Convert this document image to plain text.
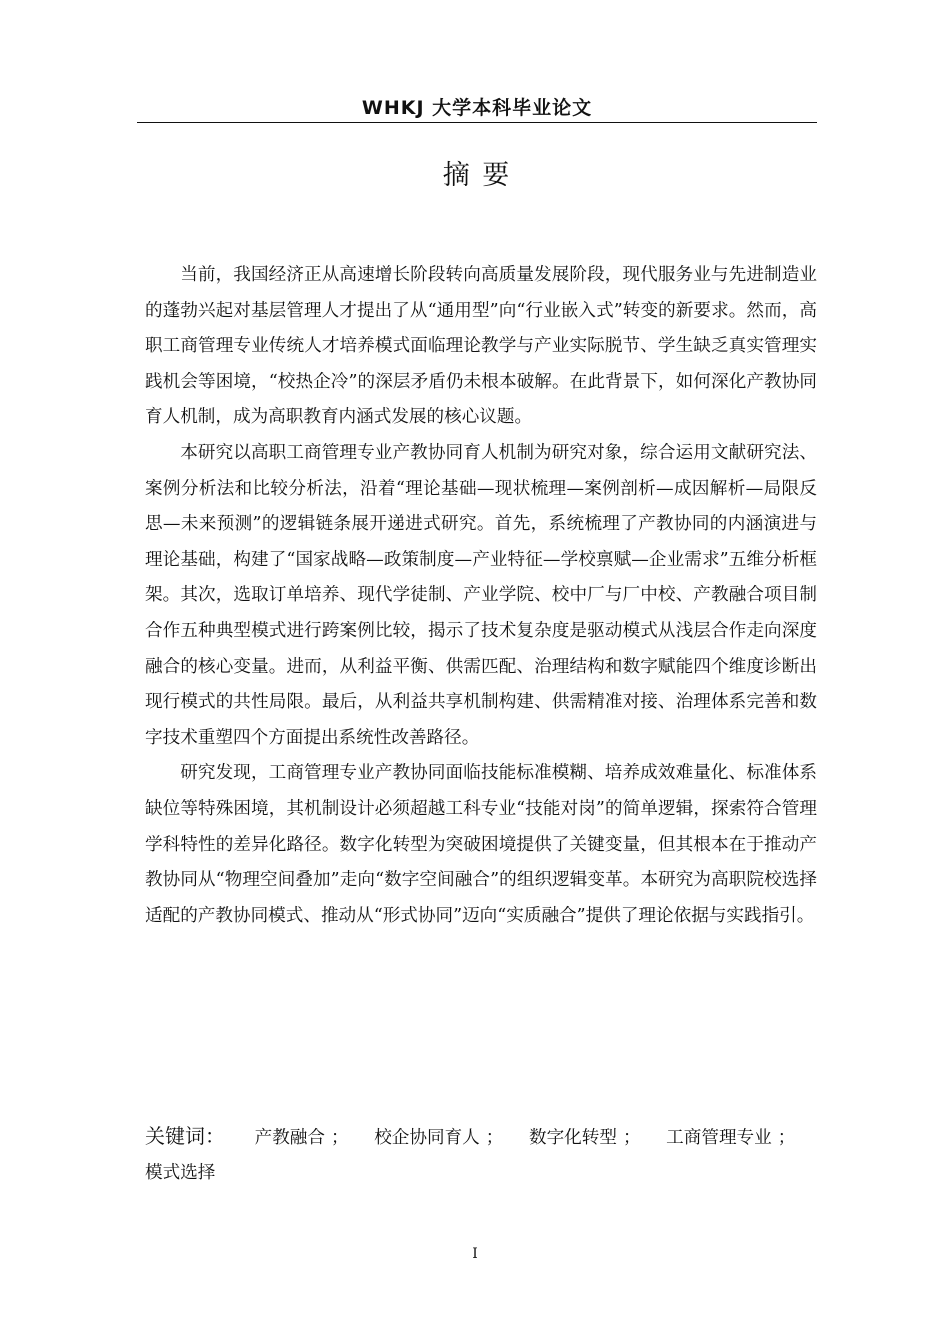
WHKJ 大学本科毕业论文
摘 要

当前，我国经济正从高速增长阶段转向高质量发展阶段，现代服务业与先进制造业的蓬勃兴起对基层管理人才提出了从“通用型”向“行业嵌入式”转变的新要求。然而，高职工商管理专业传统人才培养模式面临理论教学与产业实际脱节、学生缺乏真实管理实践机会等困境，“校热企冷”的深层矛盾仍未根本破解。在此背景下，如何深化产教协同育人机制，成为高职教育内涵式发展的核心议题。

本研究以高职工商管理专业产教协同育人机制为研究对象，综合运用文献研究法、案例分析法和比较分析法，沿着“理论基础—现状梳理—案例剖析—成因解析—局限反思—未来预测”的逻辑链条展开递进式研究。首先，系统梳理了产教协同的内涵演进与理论基础，构建了“国家战略—政策制度—产业特征—学校禀赋—企业需求”五维分析框架。其次，选取订单培养、现代学徒制、产业学院、校中厂与厂中校、产教融合项目制合作五种典型模式进行跨案例比较，揭示了技术复杂度是驱动模式从浅层合作走向深度融合的核心变量。进而，从利益平衡、供需匹配、治理结构和数字赋能四个维度诊断出现行模式的共性局限。最后，从利益共享机制构建、供需精准对接、治理体系完善和数字技术重塑四个方面提出系统性改善路径。

研究发现，工商管理专业产教协同面临技能标准模糊、培养成效难量化、标准体系缺位等特殊困境，其机制设计必须超越工科专业“技能对岗”的简单逻辑，探索符合管理学科特性的差异化路径。数字化转型为突破困境提供了关键变量，但其根本在于推动产教协同从“物理空间叠加”走向“数字空间融合”的组织逻辑变革。本研究为高职院校选择适配的产教协同模式、推动从“形式协同”迈向“实质融合”提供了理论依据与实践指引。

关键词： 产教融合 ； 校企协同育人 ； 数字化转型 ； 工商管理专业 ； 模式选择
I
